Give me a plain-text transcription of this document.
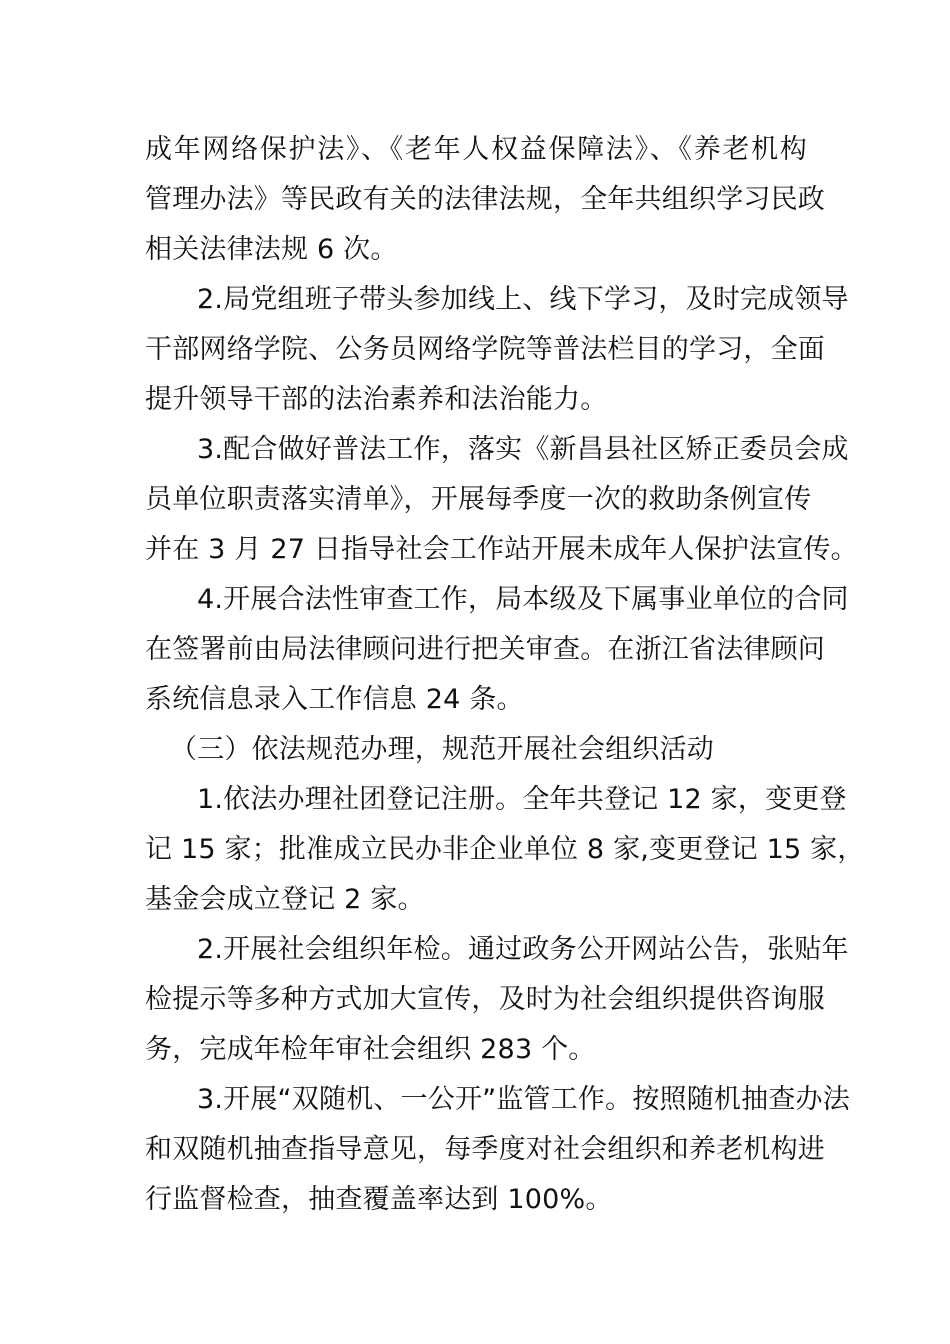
成年网络保护法》、《老年人权益保障法》、《养老机构
管理办法》等民政有关的法律法规，全年共组织学习民政
相关法律法规 6 次。
2.局党组班子带头参加线上、线下学习，及时完成领导
干部网络学院、公务员网络学院等普法栏目的学习，全面
提升领导干部的法治素养和法治能力。
3.配合做好普法工作，落实《新昌县社区矫正委员会成
员单位职责落实清单》，开展每季度一次的救助条例宣传
并在 3 月 27 日指导社会工作站开展未成年人保护法宣传。
4.开展合法性审查工作，局本级及下属事业单位的合同
在签署前由局法律顾问进行把关审查。在浙江省法律顾问
系统信息录入工作信息 24 条。
（三）依法规范办理，规范开展社会组织活动
1.依法办理社团登记注册。全年共登记 12 家，变更登
记 15 家；批准成立民办非企业单位 8 家,变更登记 15 家，
基金会成立登记 2 家。
2.开展社会组织年检。通过政务公开网站公告，张贴年
检提示等多种方式加大宣传，及时为社会组织提供咨询服
务，完成年检年审社会组织 283 个。
3.开展“双随机、一公开”监管工作。按照随机抽查办法
和双随机抽查指导意见，每季度对社会组织和养老机构进
行监督检查，抽查覆盖率达到 100%。
